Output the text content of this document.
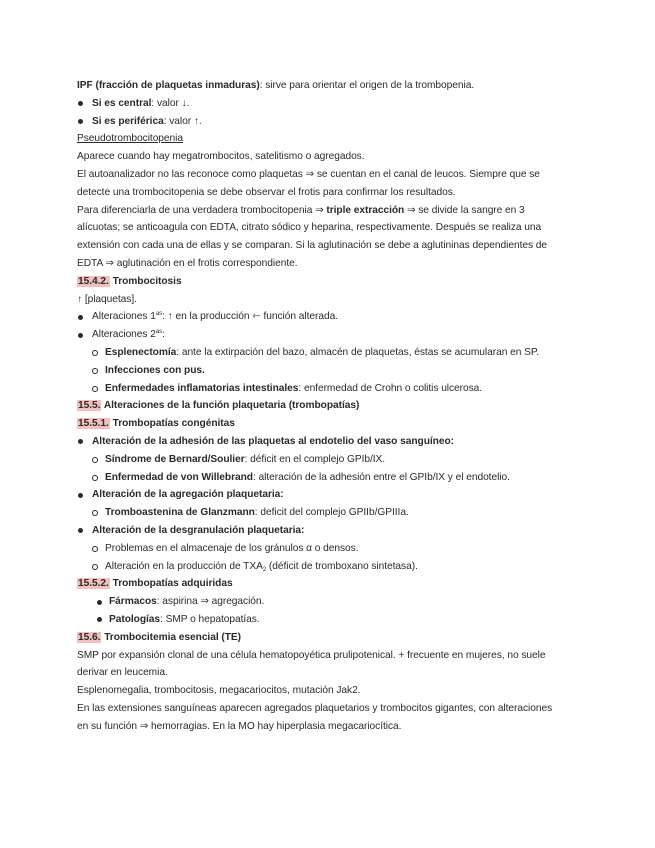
IPF (fracción de plaquetas inmaduras): sirve para orientar el origen de la trombopenia.
Si es central: valor ↓.
Si es periférica: valor ↑.
Pseudotrombocitopenia
Aparece cuando hay megatrombocitos, satelitismo o agregados.
El autoanalizador no las reconoce como plaquetas ⇒ se cuentan en el canal de leucos. Siempre que se
detecte una trombocitopenia se debe observar el frotis para confirmar los resultados.
Para diferenciarla de una verdadera trombocitopenia ⇒ triple extracción ⇒ se divide la sangre en 3
alícuotas; se anticoagula con EDTA, citrato sódico y heparina, respectivamente. Después se realiza una
extensión con cada una de ellas y se comparan. Si la aglutinación se debe a aglutininas dependientes de
EDTA ⇒ aglutinación en el frotis correspondiente.
15.4.2. Trombocitosis
↑ [plaquetas].
Alteraciones $1^{as}$: ↑ en la producción ⇽ función alterada.
Alteraciones $2^{as}$:
Esplenectomía: ante la extirpación del bazo, almacén de plaquetas, éstas se acumularan en SP.
Infecciones con pus.
Enfermedades inflamatorias intestinales: enfermedad de Crohn o colitis ulcerosa.
15.5. Alteraciones de la función plaquetaria (trombopatías)
15.5.1. Trombopatías congénitas
Alteración de la adhesión de las plaquetas al endotelio del vaso sanguíneo:
Síndrome de Bernard/Soulier: déficit en el complejo GPIb/IX.
Enfermedad de von Willebrand: alteración de la adhesión entre el GPIb/IX y el endotelio.
Alteración de la agregación plaquetaria:
Tromboastenina de Glanzmann: deficit del complejo GPIIb/GPIIIa.
Alteración de la desgranulación plaquetaria:
Problemas en el almacenaje de los gránulos α o densos.
Alteración en la producción de $TXA_2$ (déficit de tromboxano sintetasa).
15.5.2. Trombopatías adquiridas
Fármacos: aspirina ⇒ agregación.
Patologías: SMP o hepatopatías.
15.6. Trombocitemia esencial (TE)
SMP por expansión clonal de una célula hematopoyética prulipotenical. + frecuente en mujeres, no suele
derivar en leucemia.
Esplenomegalia, trombocitosis, megacariocitos, mutación Jak2.
En las extensiones sanguíneas aparecen agregados plaquetarios y trombocitos gigantes, con alteraciones
en su función ⇒ hemorragias. En la MO hay hiperplasia megacariocítica.
